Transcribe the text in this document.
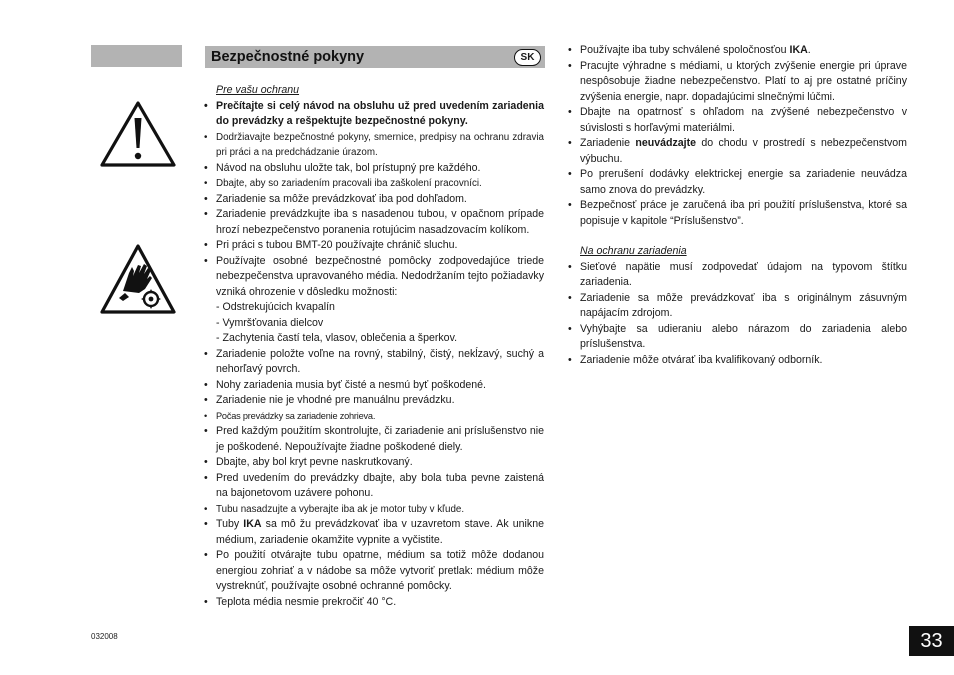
Bezpečnostné pokyny	SK

Pre vašu ochranu

• Prečítajte si celý návod na obsluhu už pred uvedením zariadenia do prevádzky a rešpektujte bezpečnostné pokyny.
• Dodržiavajte bezpečnostné pokyny, smernice, predpisy na ochranu zdravia pri práci a na predchádzanie úrazom.
• Návod na obsluhu uložte tak, bol prístupný pre každého.
• Dbajte, aby so zariadením pracovali iba zaškolení pracovníci.
• Zariadenie sa môže prevádzkovať iba pod dohľadom.
• Zariadenie prevádzkujte iba s nasadenou tubou, v opačnom prípade hrozí nebezpečenstvo poranenia rotujúcim nasadzovacím kolíkom.
• Pri práci s tubou BMT-20 používajte chránič sluchu.
• Používajte osobné bezpečnostné pomôcky zodpovedajúce triede nebezpečenstva upravovaného média. Nedodržaním tejto požiadavky vzniká ohrozenie v dôsledku možnosti:

- Odstrekujúcich kvapalín

- Vymršťovania dielcov

- Zachytenia častí tela, vlasov, oblečenia a šperkov.

• Zariadenie položte voľne na rovný, stabilný, čistý, nekĺzavý, suchý a nehorľavý povrch.
• Nohy zariadenia musia byť čisté a nesmú byť poškodené.
• Zariadenie nie je vhodné pre manuálnu prevádzku.
• Počas prevádzky sa zariadenie zohrieva.
• Pred každým použitím skontrolujte, či zariadenie ani príslušenstvo nie je poškodené. Nepoužívajte žiadne poškodené diely.
• Dbajte, aby bol kryt pevne naskrutkovaný.
• Pred uvedením do prevádzky dbajte, aby bola tuba pevne zaistená na bajonetovom uzávere pohonu.
• Tubu nasadzujte a vyberajte iba ak je motor tuby v kľude.
• Tuby IKA sa mô žu prevádzkovať iba v uzavretom stave. Ak unikne médium, zariadenie okamžite vypnite a vyčistite.
• Po použití otvárajte tubu opatrne, médium sa totiž môže dodanou energiou zohriať a v nádobe sa môže vytvoriť pretlak: médium môže vystreknúť, používajte osobné ochranné pomôcky.
• Teplota média nesmie prekročiť 40 °C.
• Používajte iba tuby schválené spoločnosťou IKA.
• Pracujte výhradne s médiami, u ktorých zvýšenie energie pri úprave nespôsobuje žiadne nebezpečenstvo. Platí to aj pre ostatné príčiny zvýšenia energie, napr. dopadajúcimi slnečnými lúčmi.
• Dbajte na opatrnosť s ohľadom na zvýšené nebezpečenstvo v súvislosti s horľavými materiálmi.
• Zariadenie neuvádzajte do chodu v prostredí s nebezpečenstvom výbuchu.
• Po prerušení dodávky elektrickej energie sa zariadenie neuvádza samo znova do prevádzky.
• Bezpečnosť práce je zaručená iba pri použití príslušenstva, ktoré sa popisuje v kapitole “Príslušenstvo”.

Na ochranu zariadenia

• Sieťové napätie musí zodpovedať údajom na typovom štítku zariadenia.
• Zariadenie sa môže prevádzkovať iba s originálnym zásuvným napájacím zdrojom.
• Vyhýbajte sa udieraniu alebo nárazom do zariadenia alebo príslušenstva.
• Zariadenie môže otvárať iba kvalifikovaný odborník.
032008	33
